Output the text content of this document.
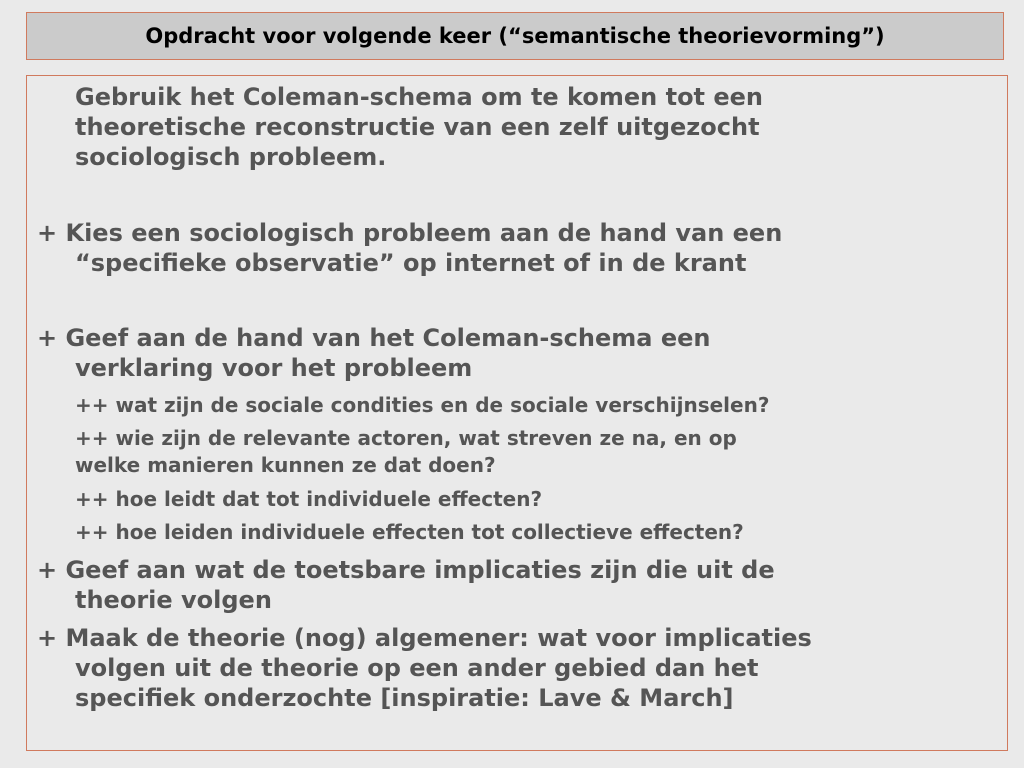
Opdracht voor volgende keer (“semantische theorievorming”)

Gebruik het Coleman-schema om te komen tot een

theoretische reconstructie van een zelf uitgezocht

sociologisch probleem.

+ Kies een sociologisch probleem aan de hand van een

“specifieke observatie” op internet of in de krant

+ Geef aan de hand van het Coleman-schema een

verklaring voor het probleem

++ wat zijn de sociale condities en de sociale verschijnselen?

++ wie zijn de relevante actoren, wat streven ze na, en op

welke manieren kunnen ze dat doen?

++ hoe leidt dat tot individuele effecten?

++ hoe leiden individuele effecten tot collectieve effecten?

+ Geef aan wat de toetsbare implicaties zijn die uit de

theorie volgen

+ Maak de theorie (nog) algemener: wat voor implicaties

volgen uit de theorie op een ander gebied dan het

specifiek onderzochte [inspiratie: Lave & March]
